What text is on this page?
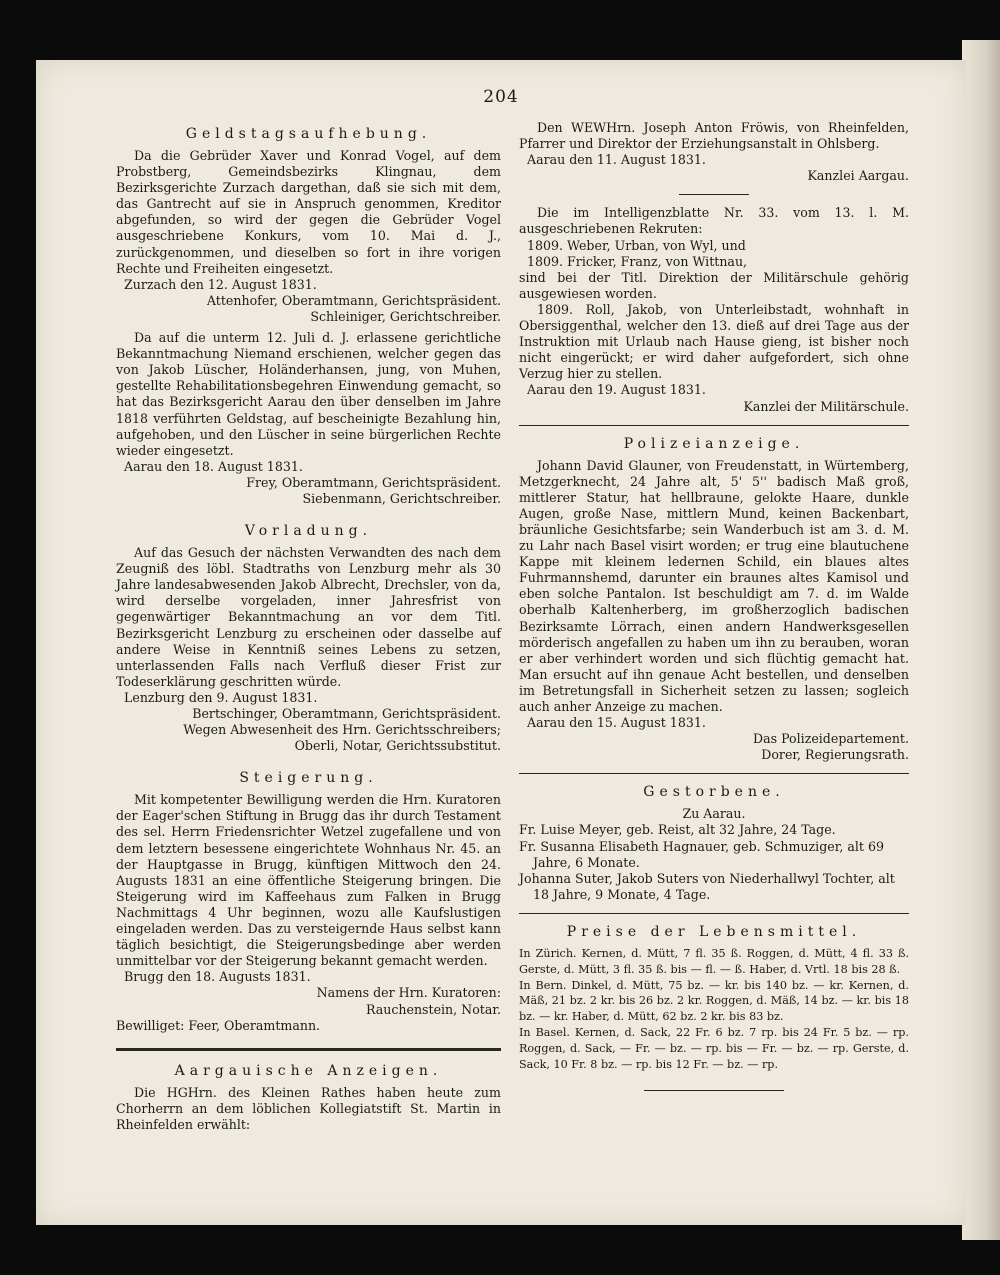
204
Geldstagsaufhebung.

Da die Gebrüder Xaver und Konrad Vogel, auf dem Probstberg, Gemeindsbezirks Klingnau, dem Bezirksgerichte Zurzach dargethan, daß sie sich mit dem, das Gantrecht auf sie in Anspruch genommen, Kreditor abgefunden, so wird der gegen die Gebrüder Vogel ausgeschriebene Konkurs, vom 10. Mai d. J., zurückgenommen, und dieselben so fort in ihre vorigen Rechte und Freiheiten eingesetzt.

Zurzach den 12. August 1831.

Attenhofer, Oberamtmann, Gerichtspräsident.

Schleiniger, Gerichtschreiber.

Da auf die unterm 12. Juli d. J. erlassene gerichtliche Bekanntmachung Niemand erschienen, welcher gegen das von Jakob Lüscher, Holänderhansen, jung, von Muhen, gestellte Rehabilitationsbegehren Einwendung gemacht, so hat das Bezirksgericht Aarau den über denselben im Jahre 1818 verführten Geldstag, auf bescheinigte Bezahlung hin, aufgehoben, und den Lüscher in seine bürgerlichen Rechte wieder eingesetzt.

Aarau den 18. August 1831.

Frey, Oberamtmann, Gerichtspräsident.

Siebenmann, Gerichtschreiber.

Vorladung.

Auf das Gesuch der nächsten Verwandten des nach dem Zeugniß des löbl. Stadtraths von Lenzburg mehr als 30 Jahre landesabwesenden Jakob Albrecht, Drechsler, von da, wird derselbe vorgeladen, inner Jahresfrist von gegenwärtiger Bekanntmachung an vor dem Titl. Bezirksgericht Lenzburg zu erscheinen oder dasselbe auf andere Weise in Kenntniß seines Lebens zu setzen, unterlassenden Falls nach Verfluß dieser Frist zur Todeserklärung geschritten würde.

Lenzburg den 9. August 1831.

Bertschinger, Oberamtmann, Gerichtspräsident.

Wegen Abwesenheit des Hrn. Gerichtsschreibers;

Oberli, Notar, Gerichtssubstitut.

Steigerung.

Mit kompetenter Bewilligung werden die Hrn. Kuratoren der Eager'schen Stiftung in Brugg das ihr durch Testament des sel. Herrn Friedensrichter Wetzel zugefallene und von dem letztern besessene eingerichtete Wohnhaus Nr. 45. an der Hauptgasse in Brugg, künftigen Mittwoch den 24. Augusts 1831 an eine öffentliche Steigerung bringen. Die Steigerung wird im Kaffeehaus zum Falken in Brugg Nachmittags 4 Uhr beginnen, wozu alle Kaufslustigen eingeladen werden. Das zu versteigernde Haus selbst kann täglich besichtigt, die Steigerungsbedinge aber werden unmittelbar vor der Steigerung bekannt gemacht werden.

Brugg den 18. Augusts 1831.

Namens der Hrn. Kuratoren:

Rauchenstein, Notar.

Bewilliget: Feer, Oberamtmann.

Aargauische Anzeigen.

Die HGHrn. des Kleinen Rathes haben heute zum Chorherrn an dem löblichen Kollegiatstift St. Martin in Rheinfelden erwählt:

Den WEWHrn. Joseph Anton Fröwis, von Rheinfelden, Pfarrer und Direktor der Erziehungsanstalt in Ohlsberg.

Aarau den 11. August 1831.

Kanzlei Aargau.

Die im Intelligenzblatte Nr. 33. vom 13. l. M. ausgeschriebenen Rekruten:

1809. Weber, Urban, von Wyl, und

1809. Fricker, Franz, von Wittnau,

sind bei der Titl. Direktion der Militärschule gehörig ausgewiesen worden.

1809. Roll, Jakob, von Unterleibstadt, wohnhaft in Obersiggenthal, welcher den 13. dieß auf drei Tage aus der Instruktion mit Urlaub nach Hause gieng, ist bisher noch nicht eingerückt; er wird daher aufgefordert, sich ohne Verzug hier zu stellen.

Aarau den 19. August 1831.

Kanzlei der Militärschule.

Polizeianzeige.

Johann David Glauner, von Freudenstatt, in Würtemberg, Metzgerknecht, 24 Jahre alt, 5' 5'' badisch Maß groß, mittlerer Statur, hat hellbraune, gelokte Haare, dunkle Augen, große Nase, mittlern Mund, keinen Backenbart, bräunliche Gesichtsfarbe; sein Wanderbuch ist am 3. d. M. zu Lahr nach Basel visirt worden; er trug eine blautuchene Kappe mit kleinem ledernen Schild, ein blaues altes Fuhrmannshemd, darunter ein braunes altes Kamisol und eben solche Pantalon. Ist beschuldigt am 7. d. im Walde oberhalb Kaltenherberg, im großherzoglich badischen Bezirksamte Lörrach, einen andern Handwerksgesellen mörderisch angefallen zu haben um ihn zu berauben, woran er aber verhindert worden und sich flüchtig gemacht hat. Man ersucht auf ihn genaue Acht bestellen, und denselben im Betretungsfall in Sicherheit setzen zu lassen; sogleich auch anher Anzeige zu machen.

Aarau den 15. August 1831.

Das Polizeidepartement.

Dorer, Regierungsrath.

Gestorbene.

Zu Aarau.

Fr. Luise Meyer, geb. Reist, alt 32 Jahre, 24 Tage.

Fr. Susanna Elisabeth Hagnauer, geb. Schmuziger, alt 69 Jahre, 6 Monate.

Johanna Suter, Jakob Suters von Niederhallwyl Tochter, alt 18 Jahre, 9 Monate, 4 Tage.

Preise der Lebensmittel.

In Zürich. Kernen, d. Mütt, 7 fl. 35 ß. Roggen, d. Mütt, 4 fl. 33 ß. Gerste, d. Mütt, 3 fl. 35 ß. bis — fl. — ß. Haber, d. Vrtl. 18 bis 28 ß.

In Bern. Dinkel, d. Mütt, 75 bz. — kr. bis 140 bz. — kr. Kernen, d. Mäß, 21 bz. 2 kr. bis 26 bz. 2 kr. Roggen, d. Mäß, 14 bz. — kr. bis 18 bz. — kr. Haber, d. Mütt, 62 bz. 2 kr. bis 83 bz.

In Basel. Kernen, d. Sack, 22 Fr. 6 bz. 7 rp. bis 24 Fr. 5 bz. — rp. Roggen, d. Sack, — Fr. — bz. — rp. bis — Fr. — bz. — rp. Gerste, d. Sack, 10 Fr. 8 bz. — rp. bis 12 Fr. — bz. — rp.
